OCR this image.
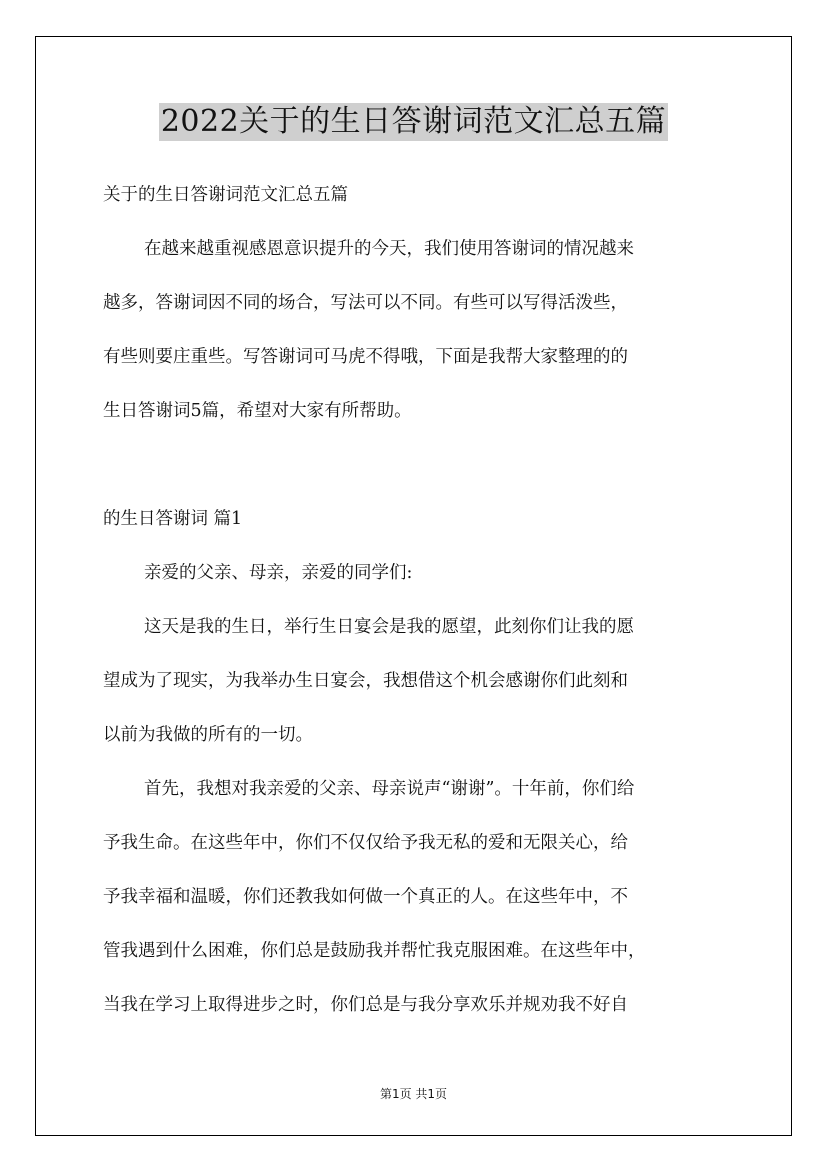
2022关于的生日答谢词范文汇总五篇
关于的生日答谢词范文汇总五篇
在越来越重视感恩意识提升的今天，我们使用答谢词的情况越来
越多，答谢词因不同的场合，写法可以不同。有些可以写得活泼些，
有些则要庄重些。写答谢词可马虎不得哦，下面是我帮大家整理的的
生日答谢词5篇，希望对大家有所帮助。
的生日答谢词 篇1
亲爱的父亲、母亲，亲爱的同学们:
这天是我的生日，举行生日宴会是我的愿望，此刻你们让我的愿
望成为了现实，为我举办生日宴会，我想借这个机会感谢你们此刻和
以前为我做的所有的一切。
首先，我想对我亲爱的父亲、母亲说声“谢谢”。十年前，你们给
予我生命。在这些年中，你们不仅仅给予我无私的爱和无限关心，给
予我幸福和温暖，你们还教我如何做一个真正的人。在这些年中，不
管我遇到什么困难，你们总是鼓励我并帮忙我克服困难。在这些年中，
当我在学习上取得进步之时，你们总是与我分享欢乐并规劝我不好自
第1页 共1页
